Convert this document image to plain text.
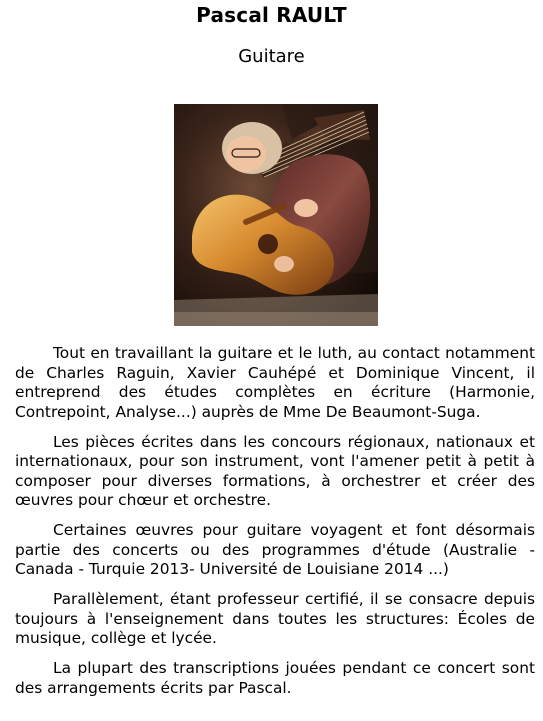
Pascal RAULT
Guitare

Tout en travaillant la guitare et le luth, au contact notamment de Charles Raguin, Xavier Cauhépé et Dominique Vincent, il entreprend des études complètes en écriture (Harmonie, Contrepoint, Analyse...) auprès de Mme De Beaumont-Suga.

Les pièces écrites dans les concours régionaux, nationaux et internationaux, pour son instrument, vont l'amener petit à petit à composer pour diverses formations, à orchestrer et créer des œuvres pour chœur et orchestre.

Certaines œuvres pour guitare voyagent et font désormais partie des concerts ou des programmes d'étude (Australie - Canada - Turquie 2013- Université de Louisiane 2014 ...)

Parallèlement, étant professeur certifié, il se consacre depuis toujours à l'enseignement dans toutes les structures: Écoles de musique, collège et lycée.

La plupart des transcriptions jouées pendant ce concert sont des arrangements écrits par Pascal.
